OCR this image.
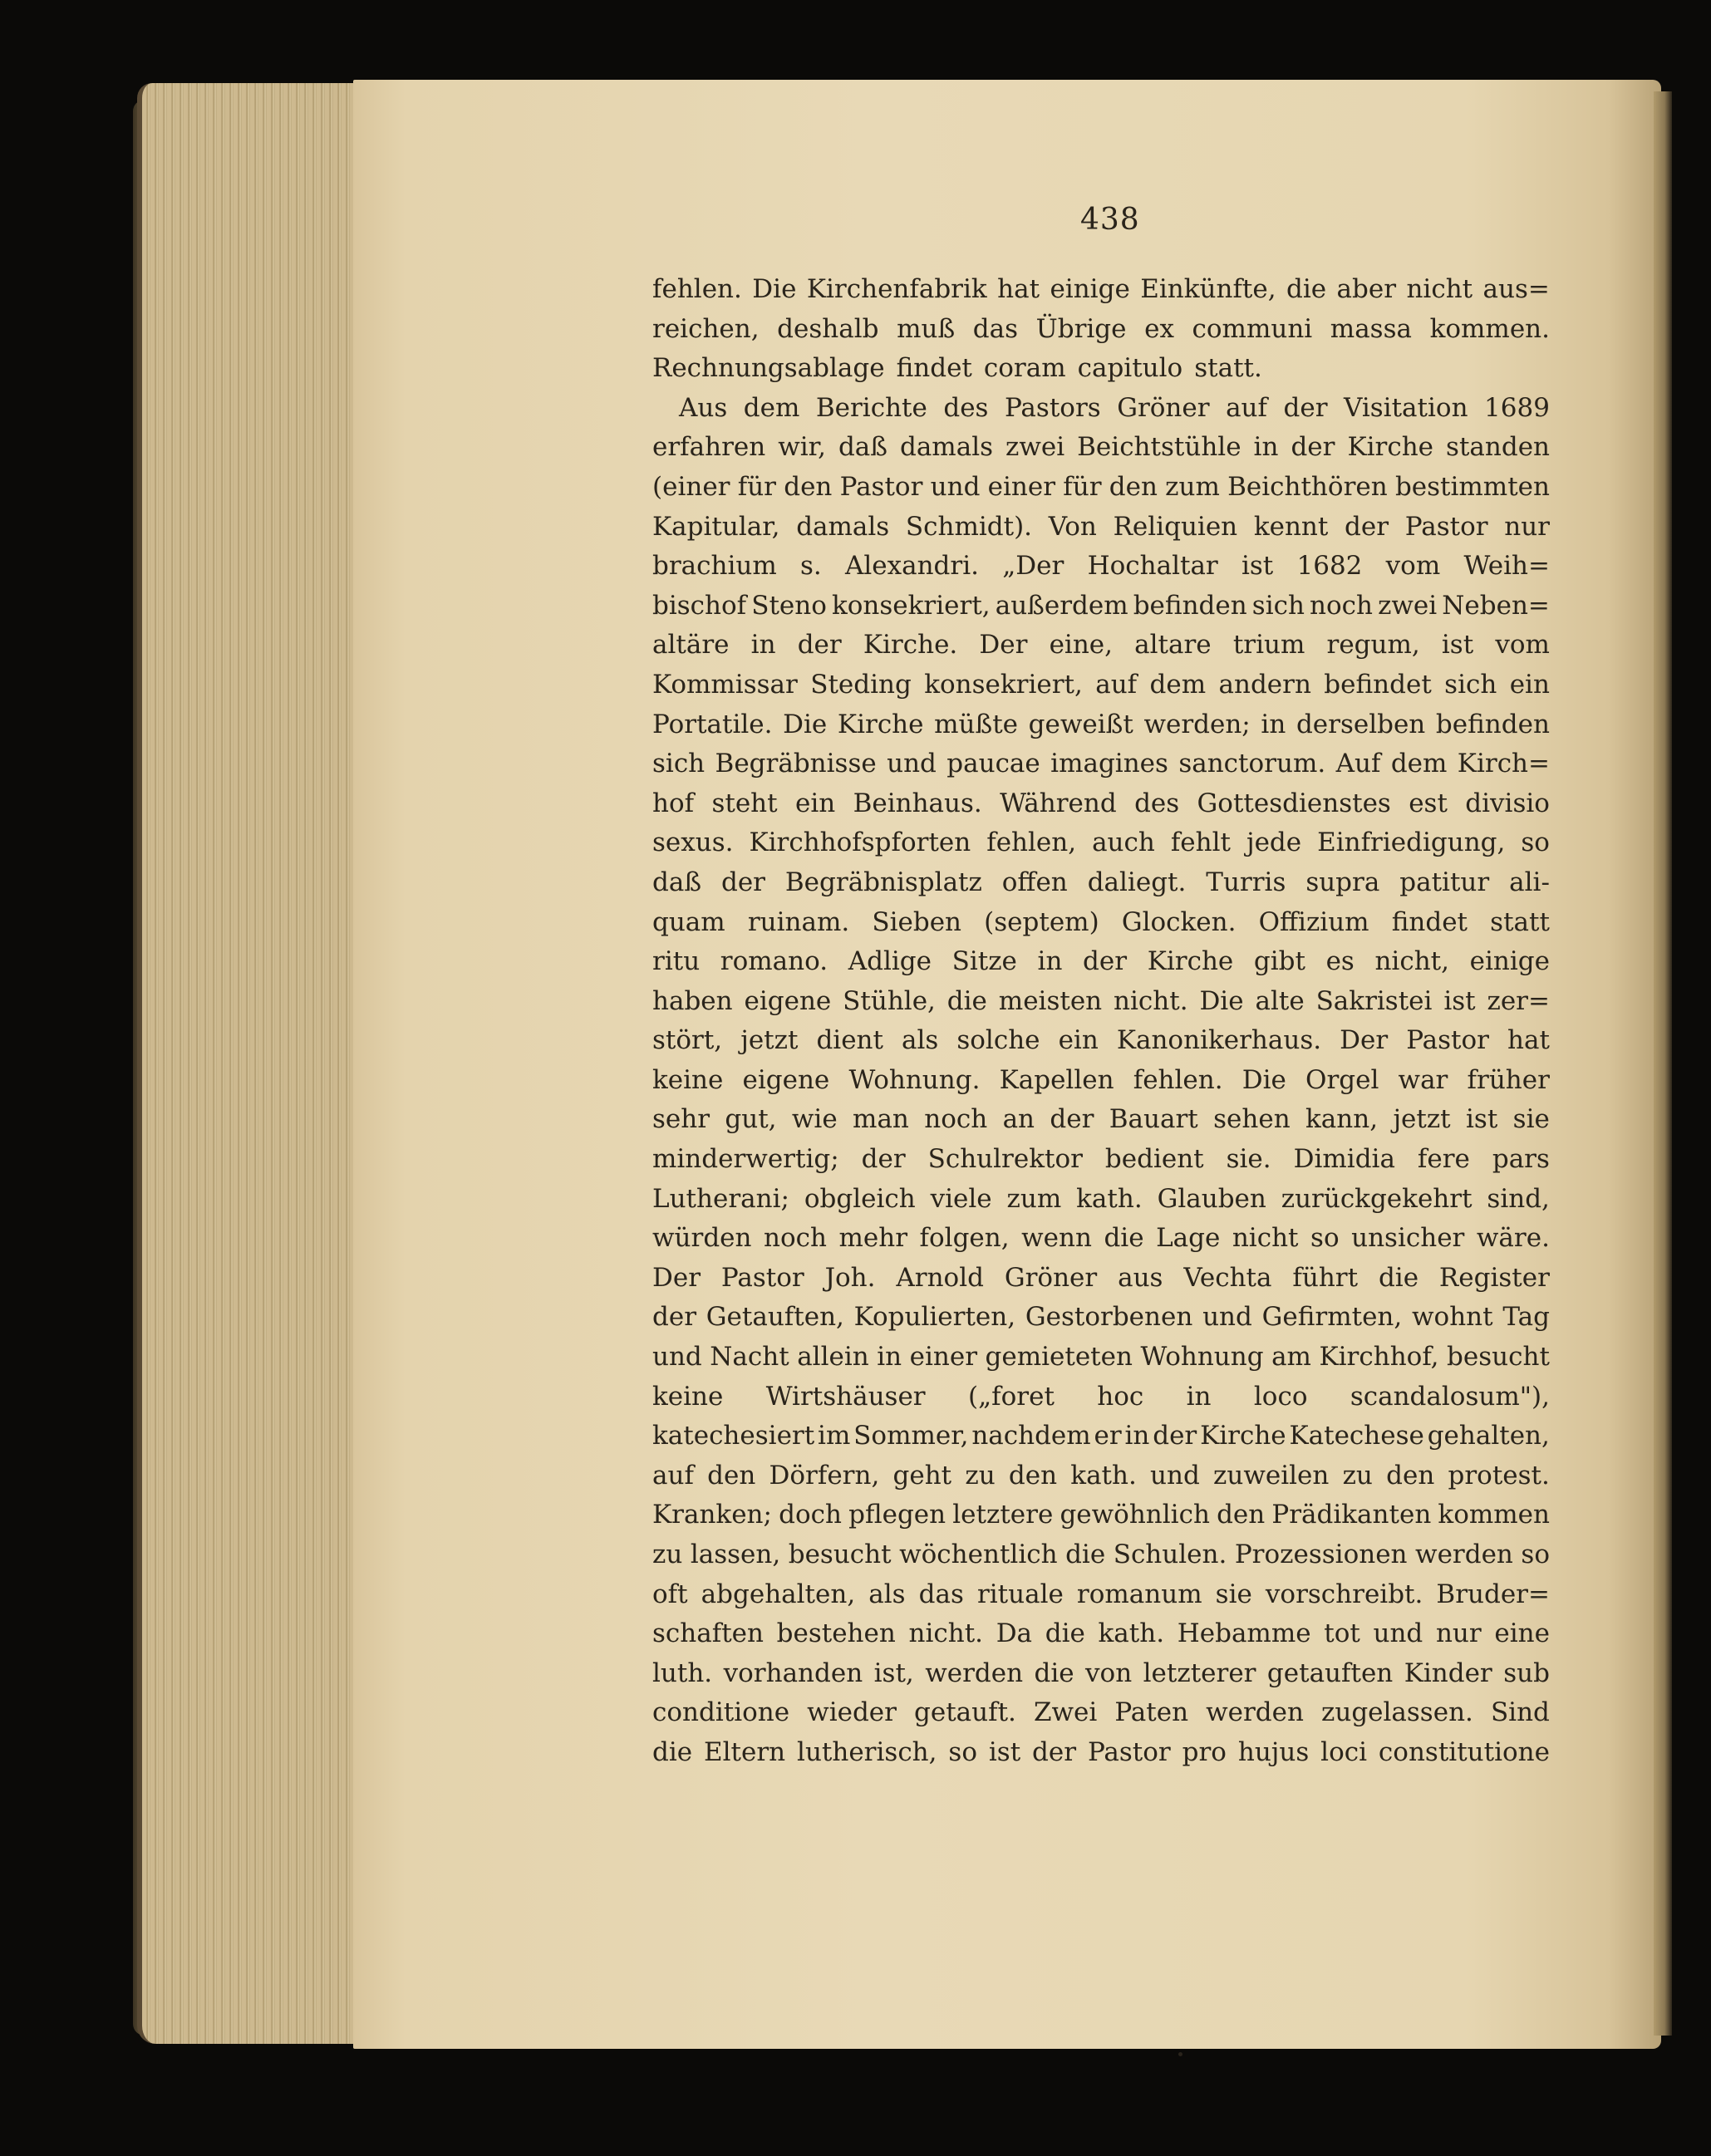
438
fehlen. Die Kirchenfabrik hat einige Einkünfte, die aber nicht aus=
reichen, deshalb muß das Übrige ex communi massa kommen.
Rechnungsablage findet coram capitulo statt.
Aus dem Berichte des Pastors Gröner auf der Visitation 1689
erfahren wir, daß damals zwei Beichtstühle in der Kirche standen
(einer für den Pastor und einer für den zum Beichthören bestimmten
Kapitular, damals Schmidt). Von Reliquien kennt der Pastor nur
brachium s. Alexandri. „Der Hochaltar ist 1682 vom Weih=
bischof Steno konsekriert, außerdem befinden sich noch zwei Neben=
altäre in der Kirche. Der eine, altare trium regum, ist vom
Kommissar Steding konsekriert, auf dem andern befindet sich ein
Portatile. Die Kirche müßte geweißt werden; in derselben befinden
sich Begräbnisse und paucae imagines sanctorum. Auf dem Kirch=
hof steht ein Beinhaus. Während des Gottesdienstes est divisio
sexus. Kirchhofspforten fehlen, auch fehlt jede Einfriedigung, so
daß der Begräbnisplatz offen daliegt. Turris supra patitur ali-
quam ruinam. Sieben (septem) Glocken. Offizium findet statt
ritu romano. Adlige Sitze in der Kirche gibt es nicht, einige
haben eigene Stühle, die meisten nicht. Die alte Sakristei ist zer=
stört, jetzt dient als solche ein Kanonikerhaus. Der Pastor hat
keine eigene Wohnung. Kapellen fehlen. Die Orgel war früher
sehr gut, wie man noch an der Bauart sehen kann, jetzt ist sie
minderwertig; der Schulrektor bedient sie. Dimidia fere pars
Lutherani; obgleich viele zum kath. Glauben zurückgekehrt sind,
würden noch mehr folgen, wenn die Lage nicht so unsicher wäre.
Der Pastor Joh. Arnold Gröner aus Vechta führt die Register
der Getauften, Kopulierten, Gestorbenen und Gefirmten, wohnt Tag
und Nacht allein in einer gemieteten Wohnung am Kirchhof, besucht
keine Wirtshäuser („foret hoc in loco scandalosum"),
katechesiert im Sommer, nachdem er in der Kirche Katechese gehalten,
auf den Dörfern, geht zu den kath. und zuweilen zu den protest.
Kranken; doch pflegen letztere gewöhnlich den Prädikanten kommen
zu lassen, besucht wöchentlich die Schulen. Prozessionen werden so
oft abgehalten, als das rituale romanum sie vorschreibt. Bruder=
schaften bestehen nicht. Da die kath. Hebamme tot und nur eine
luth. vorhanden ist, werden die von letzterer getauften Kinder sub
conditione wieder getauft. Zwei Paten werden zugelassen. Sind
die Eltern lutherisch, so ist der Pastor pro hujus loci constitutione
